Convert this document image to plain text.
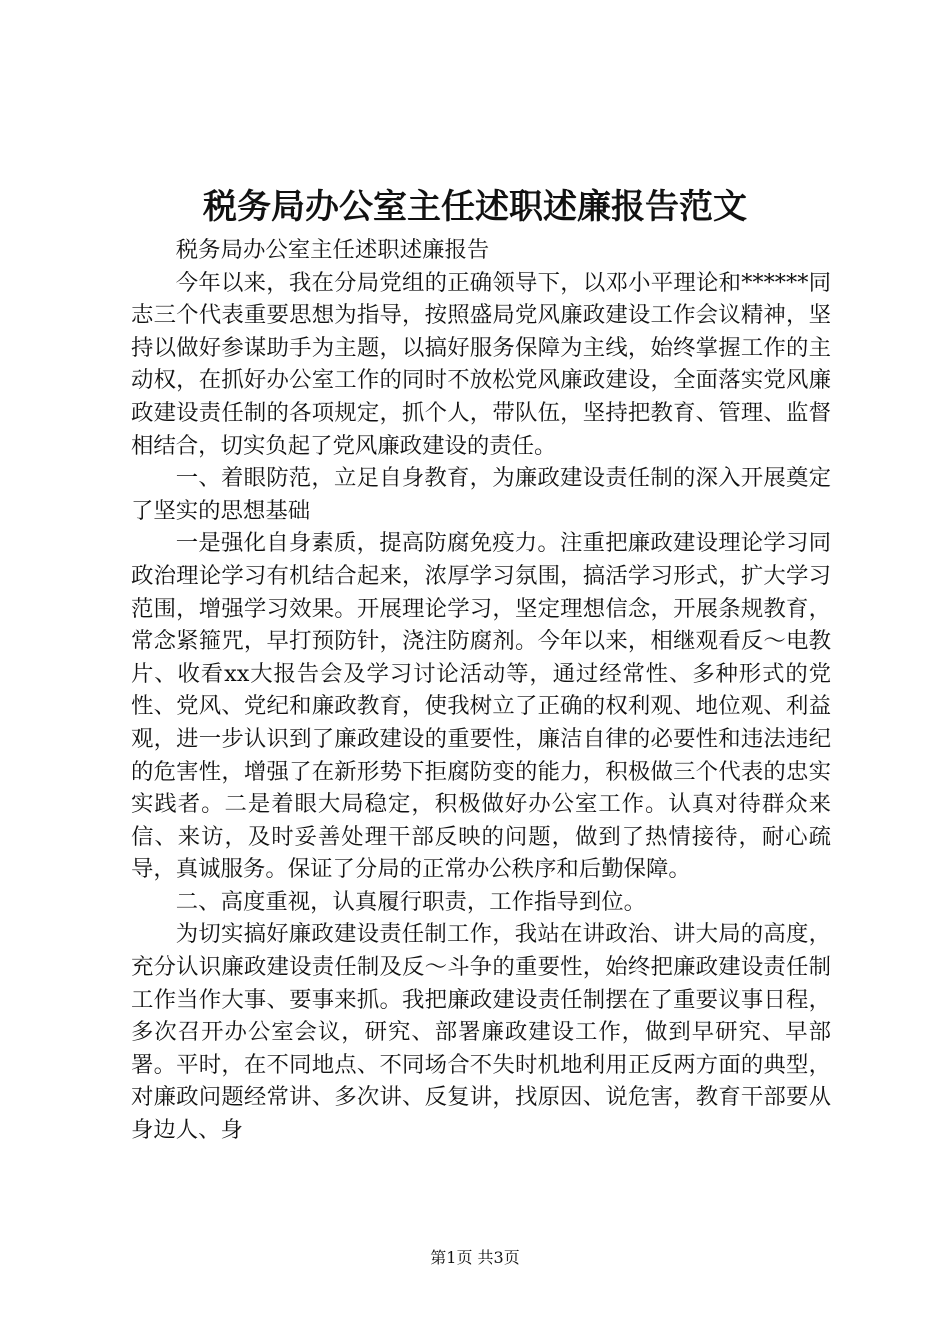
税务局办公室主任述职述廉报告范文

税务局办公室主任述职述廉报告

今年以来，我在分局党组的正确领导下，以邓小平理论和******同志三个代表重要思想为指导，按照盛局党风廉政建设工作会议精神，坚持以做好参谋助手为主题，以搞好服务保障为主线，始终掌握工作的主动权，在抓好办公室工作的同时不放松党风廉政建设，全面落实党风廉政建设责任制的各项规定，抓个人，带队伍，坚持把教育、管理、监督相结合，切实负起了党风廉政建设的责任。

一、着眼防范，立足自身教育，为廉政建设责任制的深入开展奠定了坚实的思想基础

一是强化自身素质，提高防腐免疫力。注重把廉政建设理论学习同政治理论学习有机结合起来，浓厚学习氛围，搞活学习形式，扩大学习范围，增强学习效果。开展理论学习，坚定理想信念，开展条规教育，常念紧箍咒，早打预防针，浇注防腐剂。今年以来，相继观看反～电教片、收看xx大报告会及学习讨论活动等，通过经常性、多种形式的党性、党风、党纪和廉政教育，使我树立了正确的权利观、地位观、利益观，进一步认识到了廉政建设的重要性，廉洁自律的必要性和违法违纪的危害性，增强了在新形势下拒腐防变的能力，积极做三个代表的忠实实践者。二是着眼大局稳定，积极做好办公室工作。认真对待群众来信、来访，及时妥善处理干部反映的问题，做到了热情接待，耐心疏导，真诚服务。保证了分局的正常办公秩序和后勤保障。

二、高度重视，认真履行职责，工作指导到位。

为切实搞好廉政建设责任制工作，我站在讲政治、讲大局的高度，充分认识廉政建设责任制及反～斗争的重要性，始终把廉政建设责任制工作当作大事、要事来抓。我把廉政建设责任制摆在了重要议事日程，多次召开办公室会议，研究、部署廉政建设工作，做到早研究、早部署。平时，在不同地点、不同场合不失时机地利用正反两方面的典型，对廉政问题经常讲、多次讲、反复讲，找原因、说危害，教育干部要从身边人、身

第1页 共3页
